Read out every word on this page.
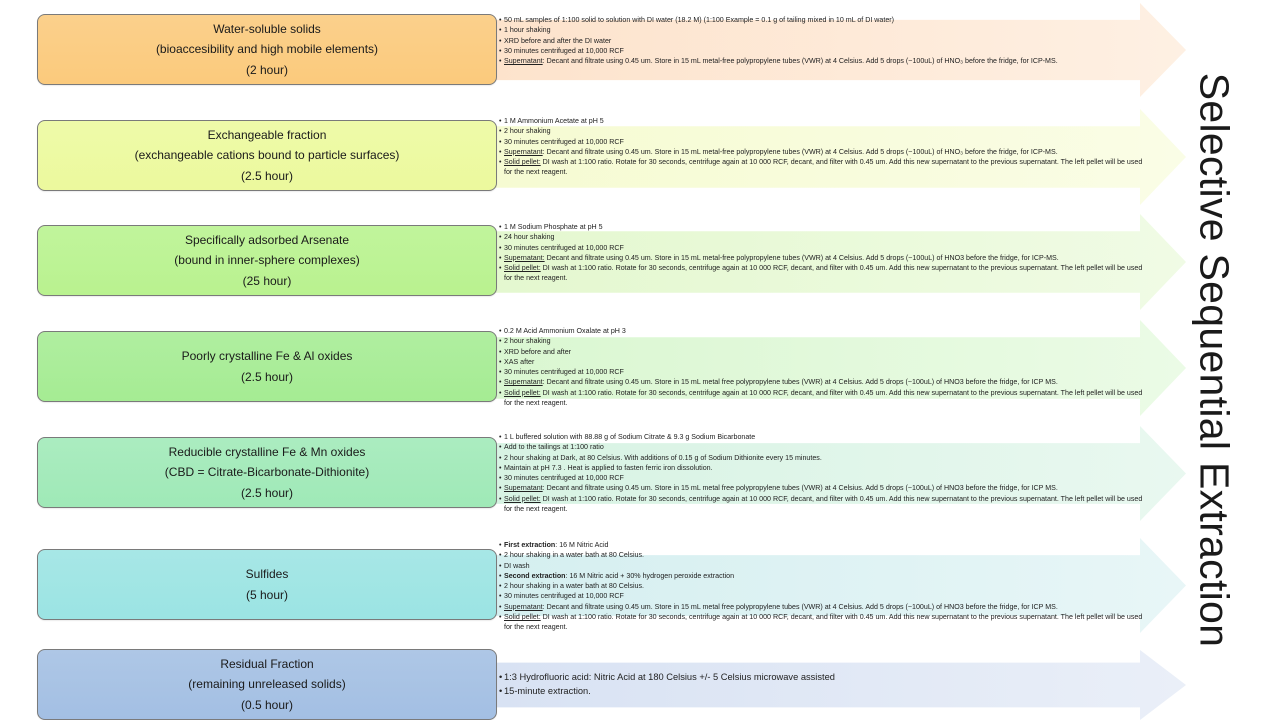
Selective Sequential Extraction
Water-soluble solids
(bioaccesibility and high mobile elements)
(2 hour)
• 50 mL samples of 1:100 solid to solution with DI water (18.2 M) (1:100 Example = 0.1 g of tailing mixed in 10 mL of DI water)
• 1 hour shaking
• XRD before and after the DI water
• 30 minutes centrifuged at 10,000 RCF
• Supernatant: Decant and filtrate using 0.45 um. Store in 15 mL metal-free polypropylene tubes (VWR) at 4 Celsius. Add 5 drops (~100uL) of HNO₃ before the fridge, for ICP-MS.
Exchangeable fraction
(exchangeable cations bound to particle surfaces)
(2.5 hour)
• 1 M Ammonium Acetate at pH 5
• 2 hour shaking
• 30 minutes centrifuged at 10,000 RCF
• Supernatant: Decant and filtrate using 0.45 um. Store in 15 mL metal-free polypropylene tubes (VWR) at 4 Celsius. Add 5 drops (~100uL) of HNO₃ before the fridge, for ICP-MS.
• Solid pellet: DI wash at 1:100 ratio. Rotate for 30 seconds, centrifuge again at 10 000 RCF, decant, and filter with 0.45 um. Add this new supernatant to the previous supernatant. The left pellet will be used for the next reagent.
Specifically adsorbed Arsenate
(bound in inner-sphere complexes)
(25 hour)
• 1 M Sodium Phosphate at pH 5
• 24 hour shaking
• 30 minutes centrifuged at 10,000 RCF
• Supernatant: Decant and filtrate using 0.45 um. Store in 15 mL metal-free polypropylene tubes (VWR) at 4 Celsius. Add 5 drops (~100uL) of HNO3 before the fridge, for ICP-MS.
• Solid pellet: DI wash at 1:100 ratio. Rotate for 30 seconds, centrifuge again at 10 000 RCF, decant, and filter with 0.45 um. Add this new supernatant to the previous supernatant. The left pellet will be used for the next reagent.
Poorly crystalline Fe & Al oxides
(2.5 hour)
• 0.2 M Acid Ammonium Oxalate at pH 3
• 2 hour shaking
• XRD before and after
• XAS after
• 30 minutes centrifuged at 10,000 RCF
• Supernatant: Decant and filtrate using 0.45 um. Store in 15 mL metal free polypropylene tubes (VWR) at 4 Celsius. Add 5 drops (~100uL) of HNO3 before the fridge, for ICP MS.
• Solid pellet: DI wash at 1:100 ratio. Rotate for 30 seconds, centrifuge again at 10 000 RCF, decant, and filter with 0.45 um. Add this new supernatant to the previous supernatant. The left pellet will be used for the next reagent.
Reducible crystalline Fe & Mn oxides
(CBD = Citrate-Bicarbonate-Dithionite)
(2.5 hour)
• 1 L buffered solution with 88.88 g of Sodium Citrate & 9.3 g Sodium Bicarbonate
• Add to the tailings at 1:100 ratio
• 2 hour shaking at Dark, at 80 Celsius. With additions of 0.15 g of Sodium Dithionite every 15 minutes.
• Maintain at pH 7.3 . Heat is applied to fasten ferric iron dissolution.
• 30 minutes centrifuged at 10,000 RCF
• Supernatant: Decant and filtrate using 0.45 um. Store in 15 mL metal free polypropylene tubes (VWR) at 4 Celsius. Add 5 drops (~100uL) of HNO3 before the fridge, for ICP MS.
• Solid pellet: DI wash at 1:100 ratio. Rotate for 30 seconds, centrifuge again at 10 000 RCF, decant, and filter with 0.45 um. Add this new supernatant to the previous supernatant. The left pellet will be used for the next reagent.
Sulfides
(5 hour)
• First extraction: 16 M Nitric Acid
• 2 hour shaking in a water bath at 80 Celsius.
• DI wash
• Second extraction: 16 M Nitric acid + 30% hydrogen peroxide extraction
• 2 hour shaking in a water bath at 80 Celsius.
• 30 minutes centrifuged at 10,000 RCF
• Supernatant: Decant and filtrate using 0.45 um. Store in 15 mL metal free polypropylene tubes (VWR) at 4 Celsius. Add 5 drops (~100uL) of HNO3 before the fridge, for ICP MS.
• Solid pellet: DI wash at 1:100 ratio. Rotate for 30 seconds, centrifuge again at 10 000 RCF, decant, and filter with 0.45 um. Add this new supernatant to the previous supernatant. The left pellet will be used for the next reagent.
Residual Fraction
(remaining unreleased solids)
(0.5 hour)
• 1:3 Hydrofluoric acid: Nitric Acid at 180 Celsius +/- 5 Celsius microwave assisted
• 15-minute extraction.
